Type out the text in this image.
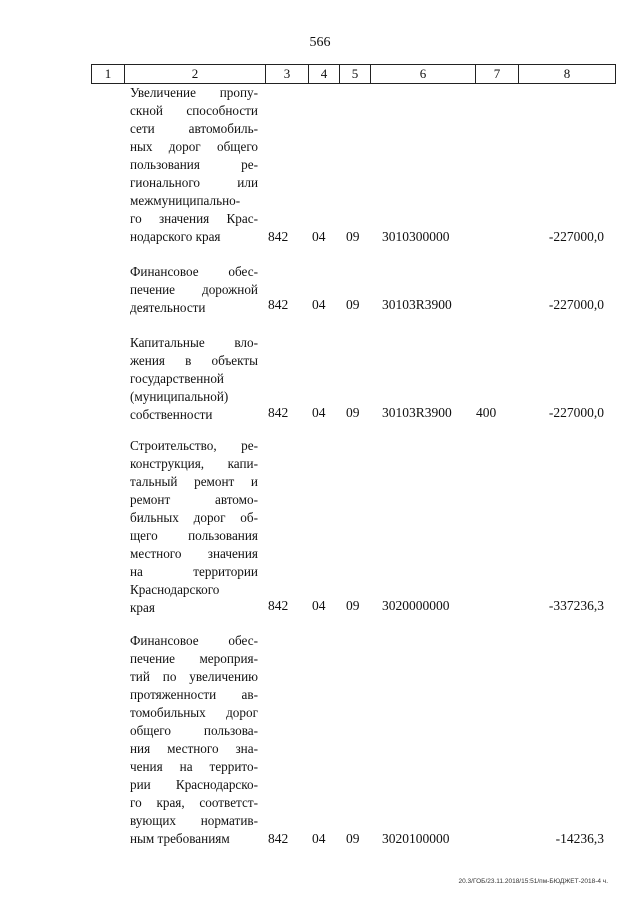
566
1	2	3	4	5	6	7	8
Увеличение пропу-
скной способности
сети автомобиль-
ных дорог общего
пользования ре-
гионального или
межмуниципально-
го значения Крас-
нодарского края	842 04 09 3010300000	-227000,0
Финансовое обес-
печение дорожной
деятельности	842 04 09 30103R3900	-227000,0
Капитальные вло-
жения в объекты
государственной
(муниципальной)
собственности	842 04 09 30103R3900 400	-227000,0
Строительство, ре-
конструкция, капи-
тальный ремонт и
ремонт автомо-
бильных дорог об-
щего пользования
местного значения
на территории
Краснодарского
края	842 04 09 3020000000	-337236,3
Финансовое обес-
печение мероприя-
тий по увеличению
протяженности ав-
томобильных дорог
общего пользова-
ния местного зна-
чения на террито-
рии Краснодарско-
го края, соответст-
вующих норматив-
ным требованиям	842 04 09 3020100000	-14236,3
20.3/ГОБ/23.11.2018/15:51/пм-БЮДЖЕТ-2018-4 ч.
